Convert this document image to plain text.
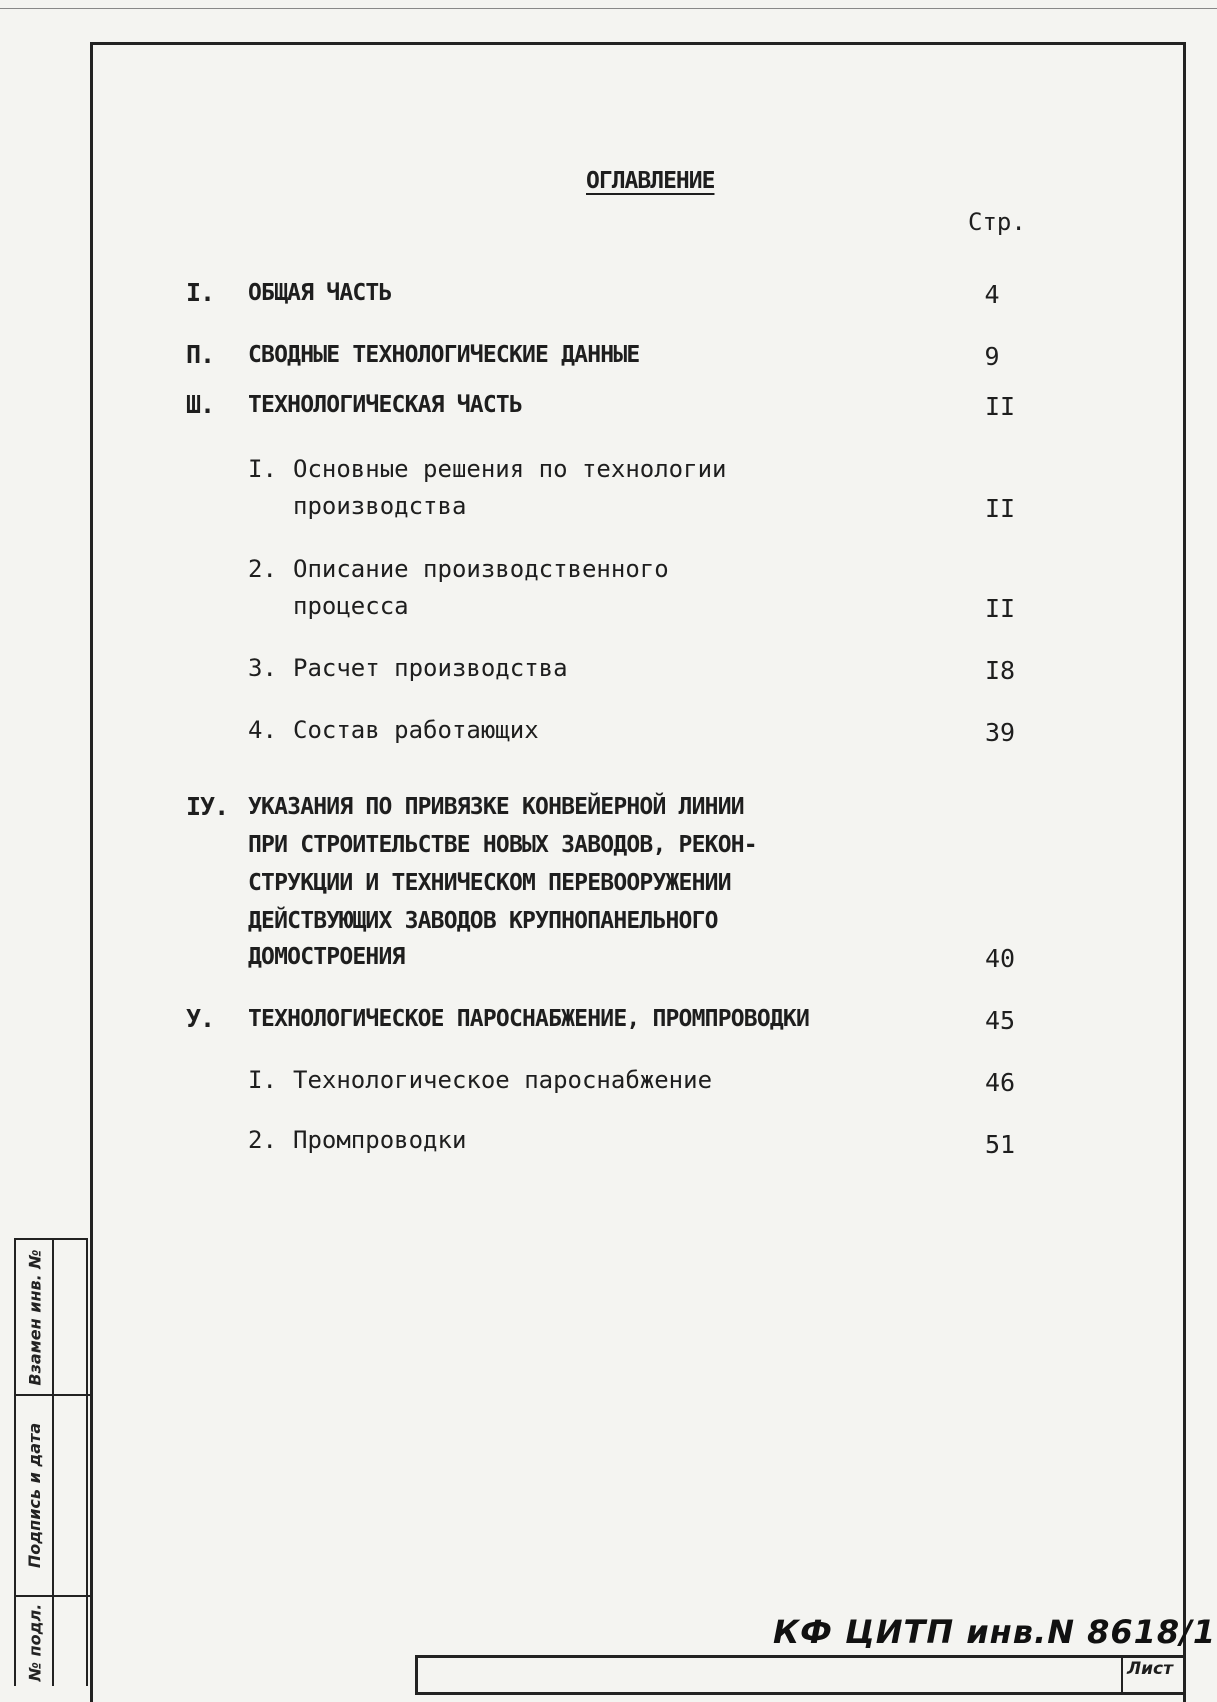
ОГЛАВЛЕНИЕ
Стр.
I. ОБЩАЯ ЧАСТЬ	4
П. СВОДНЫЕ ТЕХНОЛОГИЧЕСКИЕ ДАННЫЕ	9
Ш. ТЕХНОЛОГИЧЕСКАЯ ЧАСТЬ	II
I. Основные решения по технологии
производства	II
2. Описание производственного
процесса	II
3. Расчет производства	I8
4. Состав работающих	39
IУ. УКАЗАНИЯ ПО ПРИВЯЗКЕ КОНВЕЙЕРНОЙ ЛИНИИ
ПРИ СТРОИТЕЛЬСТВЕ НОВЫХ ЗАВОДОВ, РЕКОН-
СТРУКЦИИ И ТЕХНИЧЕСКОМ ПЕРЕВООРУЖЕНИИ
ДЕЙСТВУЮЩИХ ЗАВОДОВ КРУПНОПАНЕЛЬНОГО
ДОМОСТРОЕНИЯ	40
У. ТЕХНОЛОГИЧЕСКОЕ ПАРОСНАБЖЕНИЕ, ПРОМПРОВОДКИ	45
I. Технологическое пароснабжение	46
2. Промпроводки	51
Взамен инв. №
Подпись и дата
№ подл.	КФ ЦИТП инв.N 8618/1
Лист
